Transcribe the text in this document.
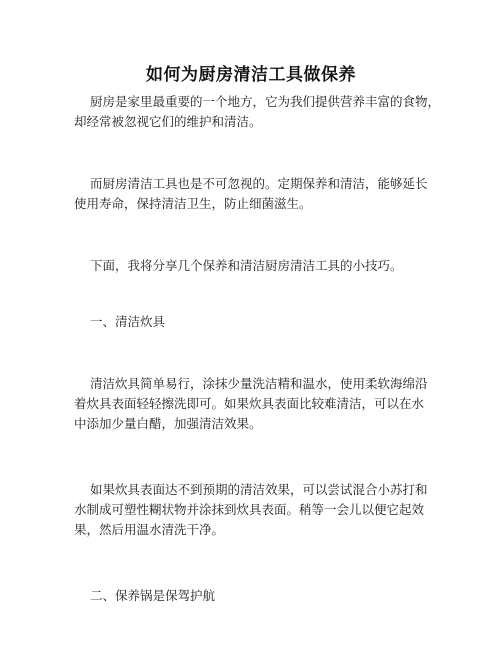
如何为厨房清洁工具做保养

厨房是家里最重要的一个地方，它为我们提供营养丰富的食物，
却经常被忽视它们的维护和清洁。

而厨房清洁工具也是不可忽视的。定期保养和清洁，能够延长
使用寿命，保持清洁卫生，防止细菌滋生。

下面，我将分享几个保养和清洁厨房清洁工具的小技巧。

一、清洁炊具

清洁炊具简单易行，涂抹少量洗洁精和温水，使用柔软海绵沿
着炊具表面轻轻擦洗即可。如果炊具表面比较难清洁，可以在水
中添加少量白醋，加强清洁效果。

如果炊具表面达不到预期的清洁效果，可以尝试混合小苏打和
水制成可塑性糊状物并涂抹到炊具表面。稍等一会儿以便它起效
果，然后用温水清洗干净。

二、保养锅是保驾护航
